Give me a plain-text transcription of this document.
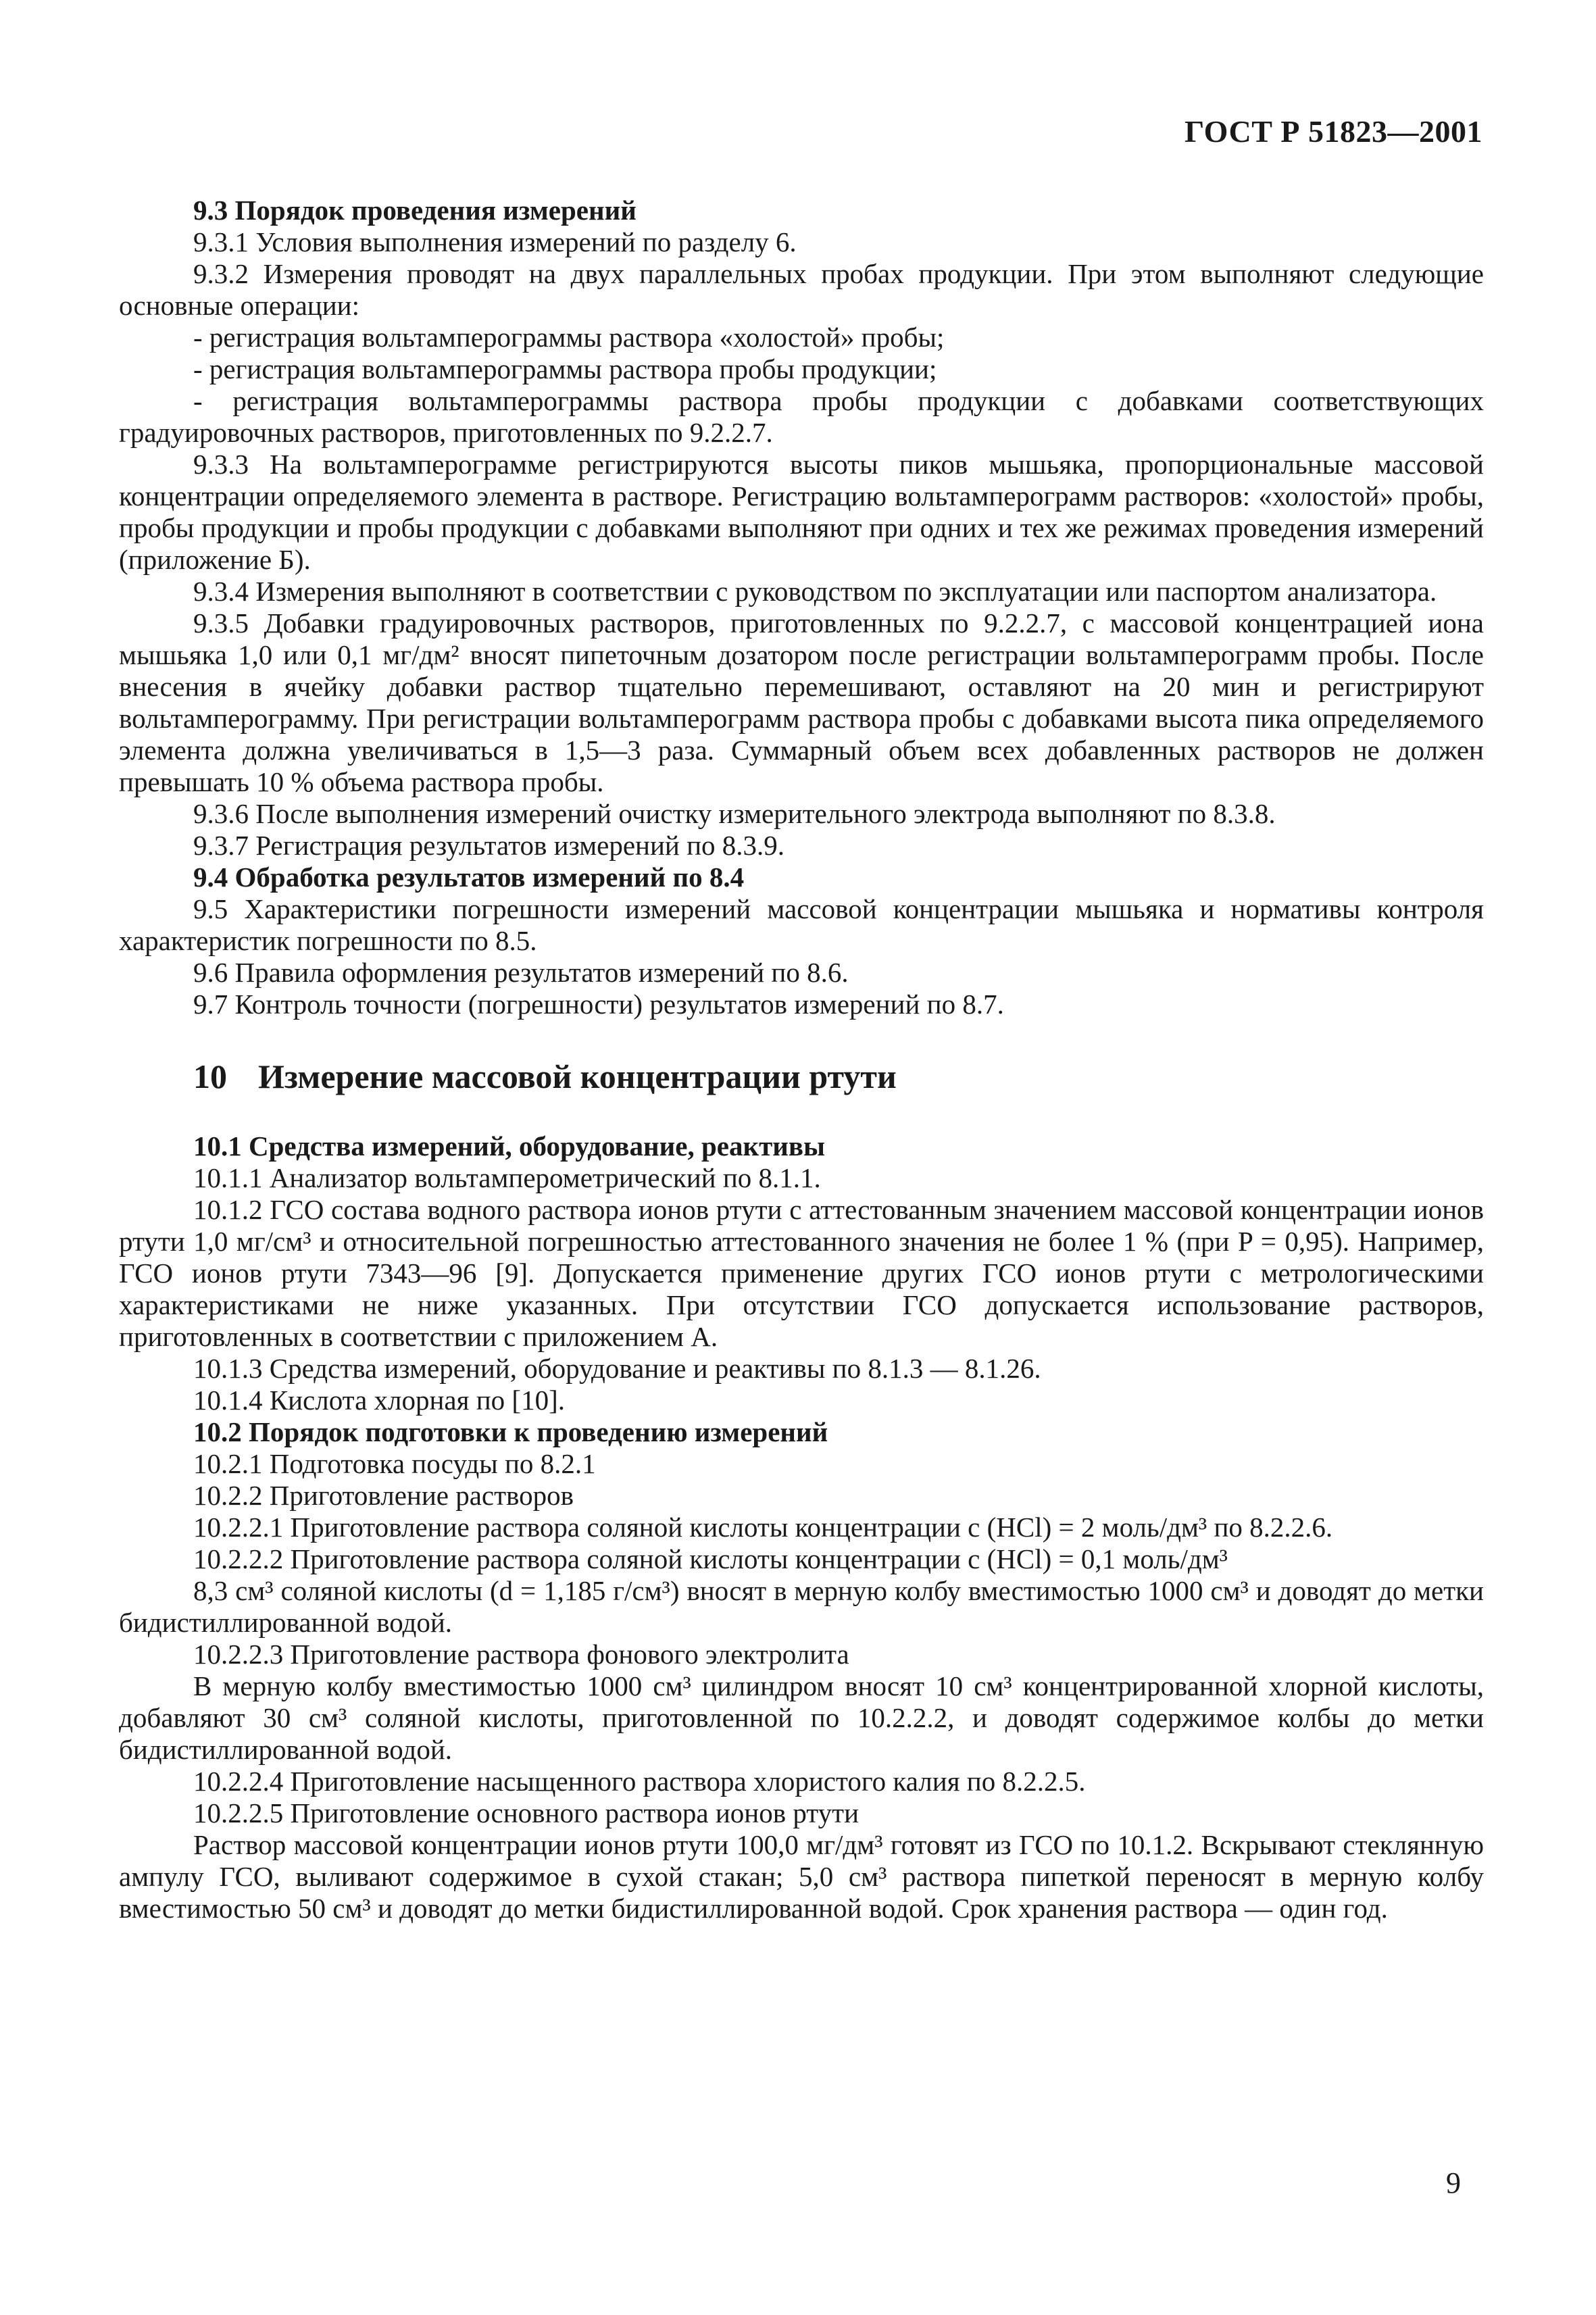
ГОСТ Р 51823—2001

9.3 Порядок проведения измерений

9.3.1 Условия выполнения измерений по разделу 6.

9.3.2 Измерения проводят на двух параллельных пробах продукции. При этом выполняют следующие основные операции:

- регистрация вольтамперограммы раствора «холостой» пробы;

- регистрация вольтамперограммы раствора пробы продукции;

- регистрация вольтамперограммы раствора пробы продукции с добавками соответствующих градуировочных растворов, приготовленных по 9.2.2.7.

9.3.3 На вольтамперограмме регистрируются высоты пиков мышьяка, пропорциональные массовой концентрации определяемого элемента в растворе. Регистрацию вольтамперограмм растворов: «холостой» пробы, пробы продукции и пробы продукции с добавками выполняют при одних и тех же режимах проведения измерений (приложение Б).

9.3.4 Измерения выполняют в соответствии с руководством по эксплуатации или паспортом анализатора.

9.3.5 Добавки градуировочных растворов, приготовленных по 9.2.2.7, с массовой концентрацией иона мышьяка 1,0 или 0,1 мг/дм² вносят пипеточным дозатором после регистрации вольтамперограмм пробы. После внесения в ячейку добавки раствор тщательно перемешивают, оставляют на 20 мин и регистрируют вольтамперограмму. При регистрации вольтамперограмм раствора пробы с добавками высота пика определяемого элемента должна увеличиваться в 1,5—3 раза. Суммарный объем всех добавленных растворов не должен превышать 10 % объема раствора пробы.

9.3.6 После выполнения измерений очистку измерительного электрода выполняют по 8.3.8.

9.3.7 Регистрация результатов измерений по 8.3.9.

9.4 Обработка результатов измерений по 8.4

9.5 Характеристики погрешности измерений массовой концентрации мышьяка и нормативы контроля характеристик погрешности по 8.5.

9.6 Правила оформления результатов измерений по 8.6.

9.7 Контроль точности (погрешности) результатов измерений по 8.7.

10 Измерение массовой концентрации ртути

10.1 Средства измерений, оборудование, реактивы

10.1.1 Анализатор вольтамперометрический по 8.1.1.

10.1.2 ГСО состава водного раствора ионов ртути с аттестованным значением массовой концентрации ионов ртути 1,0 мг/см³ и относительной погрешностью аттестованного значения не более 1 % (при P = 0,95). Например, ГСО ионов ртути 7343—96 [9]. Допускается применение других ГСО ионов ртути с метрологическими характеристиками не ниже указанных. При отсутствии ГСО допускается использование растворов, приготовленных в соответствии с приложением А.

10.1.3 Средства измерений, оборудование и реактивы по 8.1.3 — 8.1.26.

10.1.4 Кислота хлорная по [10].

10.2 Порядок подготовки к проведению измерений

10.2.1 Подготовка посуды по 8.2.1

10.2.2 Приготовление растворов

10.2.2.1 Приготовление раствора соляной кислоты концентрации c (HCl) = 2 моль/дм³ по 8.2.2.6.

10.2.2.2 Приготовление раствора соляной кислоты концентрации c (HCl) = 0,1 моль/дм³

8,3 см³ соляной кислоты (d = 1,185 г/см³) вносят в мерную колбу вместимостью 1000 см³ и доводят до метки бидистиллированной водой.

10.2.2.3 Приготовление раствора фонового электролита

В мерную колбу вместимостью 1000 см³ цилиндром вносят 10 см³ концентрированной хлорной кислоты, добавляют 30 см³ соляной кислоты, приготовленной по 10.2.2.2, и доводят содержимое колбы до метки бидистиллированной водой.

10.2.2.4 Приготовление насыщенного раствора хлористого калия по 8.2.2.5.

10.2.2.5 Приготовление основного раствора ионов ртути

Раствор массовой концентрации ионов ртути 100,0 мг/дм³ готовят из ГСО по 10.1.2. Вскрывают стеклянную ампулу ГСО, выливают содержимое в сухой стакан; 5,0 см³ раствора пипеткой переносят в мерную колбу вместимостью 50 см³ и доводят до метки бидистиллированной водой. Срок хранения раствора — один год.

9
